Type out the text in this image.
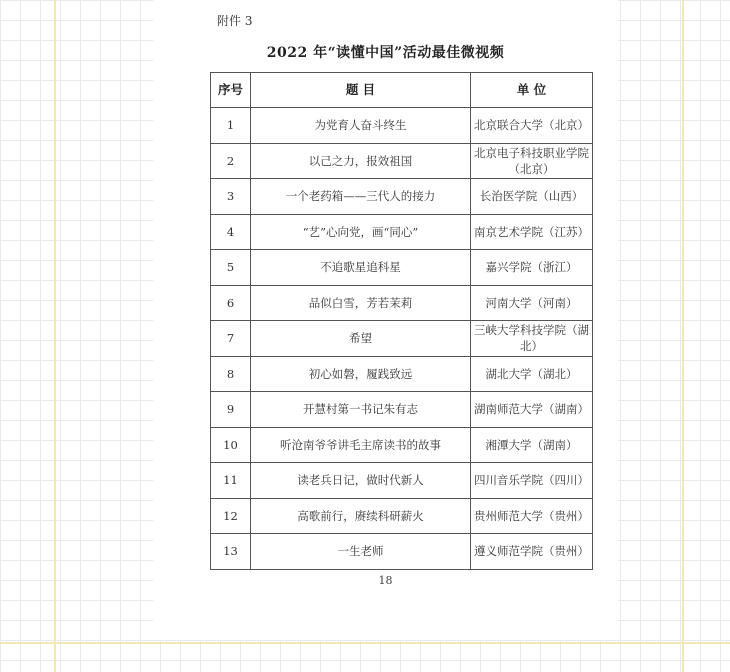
附件 3
2022 年“读懂中国”活动最佳微视频
序号	题 目	单 位
1	为党育人奋斗终生	北京联合大学（北京）
2	以己之力，报效祖国	北京电子科技职业学院（北京）
3	一个老药箱——三代人的接力	长治医学院（山西）
4	“艺”心向党，画“同心”	南京艺术学院（江苏）
5	不追歌星追科星	嘉兴学院（浙江）
6	品似白雪，芳若茉莉	河南大学（河南）
7	希望	三峡大学科技学院（湖北）
8	初心如磐，履践致远	湖北大学（湖北）
9	开慧村第一书记朱有志	湖南师范大学（湖南）
10	听沧南爷爷讲毛主席读书的故事	湘潭大学（湖南）
11	读老兵日记，做时代新人	四川音乐学院（四川）
12	高歌前行，赓续科研薪火	贵州师范大学（贵州）
13	一生老师	遵义师范学院（贵州）
18
